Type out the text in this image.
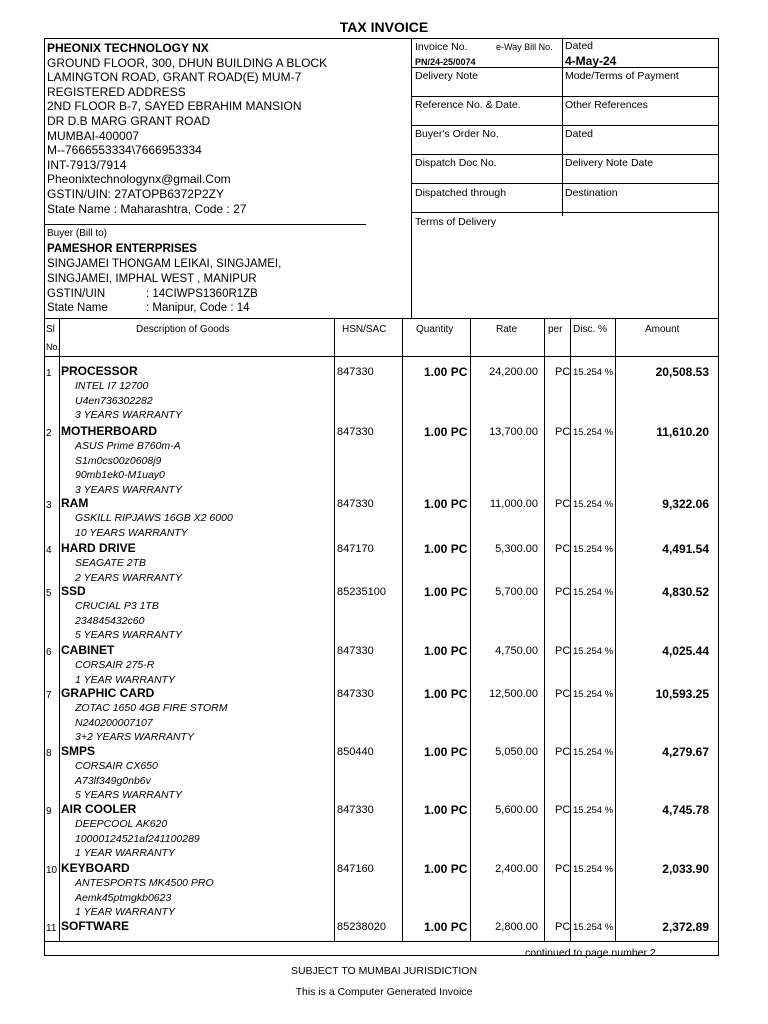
TAX INVOICE
PHEONIX TECHNOLOGY NX
GROUND FLOOR, 300, DHUN BUILDING A BLOCK
LAMINGTON ROAD, GRANT ROAD(E) MUM-7
REGISTERED ADDRESS
2ND FLOOR B-7, SAYED EBRAHIM MANSION
DR D.B MARG GRANT ROAD
MUMBAI-400007
M--7666553334\7666953334
INT-7913/7914
Pheonixtechnologynx@gmail.Com
GSTIN/UIN: 27ATOPB6372P2ZY
State Name : Maharashtra, Code : 27
Buyer (Bill to)
PAMESHOR ENTERPRISES
SINGJAMEI THONGAM LEIKAI, SINGJAMEI,
SINGJAMEI, IMPHAL WEST , MANIPUR
GSTIN/UIN	: 14CIWPS1360R1ZB
State Name	: Manipur, Code : 14
Invoice No.	e-Way Bill No. Dated
PN/24-25/0074	4-May-24
Delivery Note	Mode/Terms of Payment
Reference No. & Date.	Other References
Buyer's Order No.	Dated
Dispatch Doc No.	Delivery Note Date
Dispatched through	Destination
Terms of Delivery
Sl
No.
Description of Goods	HSN/SAC	Quantity	Rate	per Disc. %	Amount
1 PROCESSOR	847330	1.00 PC	24,200.00 PC 15.254 %	20,508.53
INTEL I7 12700
U4en736302282
3 YEARS WARRANTY
2 MOTHERBOARD	847330	1.00 PC	13,700.00 PC 15.254 %	11,610.20
ASUS Prime B760m-A
S1m0cs00z0608j9
90mb1ek0-M1uay0
3 YEARS WARRANTY
3 RAM	847330	1.00 PC	11,000.00 PC 15.254 %	9,322.06
GSKILL RIPJAWS 16GB X2 6000
10 YEARS WARRANTY
4 HARD DRIVE	847170	1.00 PC	5,300.00 PC 15.254 %	4,491.54
SEAGATE 2TB
2 YEARS WARRANTY
5 SSD	85235100	1.00 PC	5,700.00 PC 15.254 %	4,830.52
CRUCIAL P3 1TB
234845432c60
5 YEARS WARRANTY
6 CABINET	847330	1.00 PC	4,750.00 PC 15.254 %	4,025.44
CORSAIR 275-R
1 YEAR WARRANTY
7 GRAPHIC CARD	847330	1.00 PC	12,500.00 PC 15.254 %	10,593.25
ZOTAC 1650 4GB FIRE STORM
N240200007107
3+2 YEARS WARRANTY
8 SMPS	850440	1.00 PC	5,050.00 PC 15.254 %	4,279.67
CORSAIR CX650
A73lf349g0nb6v
5 YEARS WARRANTY
9 AIR COOLER	847330	1.00 PC	5,600.00 PC 15.254 %	4,745.78
DEEPCOOL AK620
10000124521af241100289
1 YEAR WARRANTY
10 KEYBOARD	847160	1.00 PC	2,400.00 PC 15.254 %	2,033.90
ANTESPORTS MK4500 PRO
Aemk45ptmgkb0623
1 YEAR WARRANTY
11 SOFTWARE	85238020	1.00 PC	2,800.00 PC 15.254 %	2,372.89
continued to page number 2
SUBJECT TO MUMBAI JURISDICTION
This is a Computer Generated Invoice
